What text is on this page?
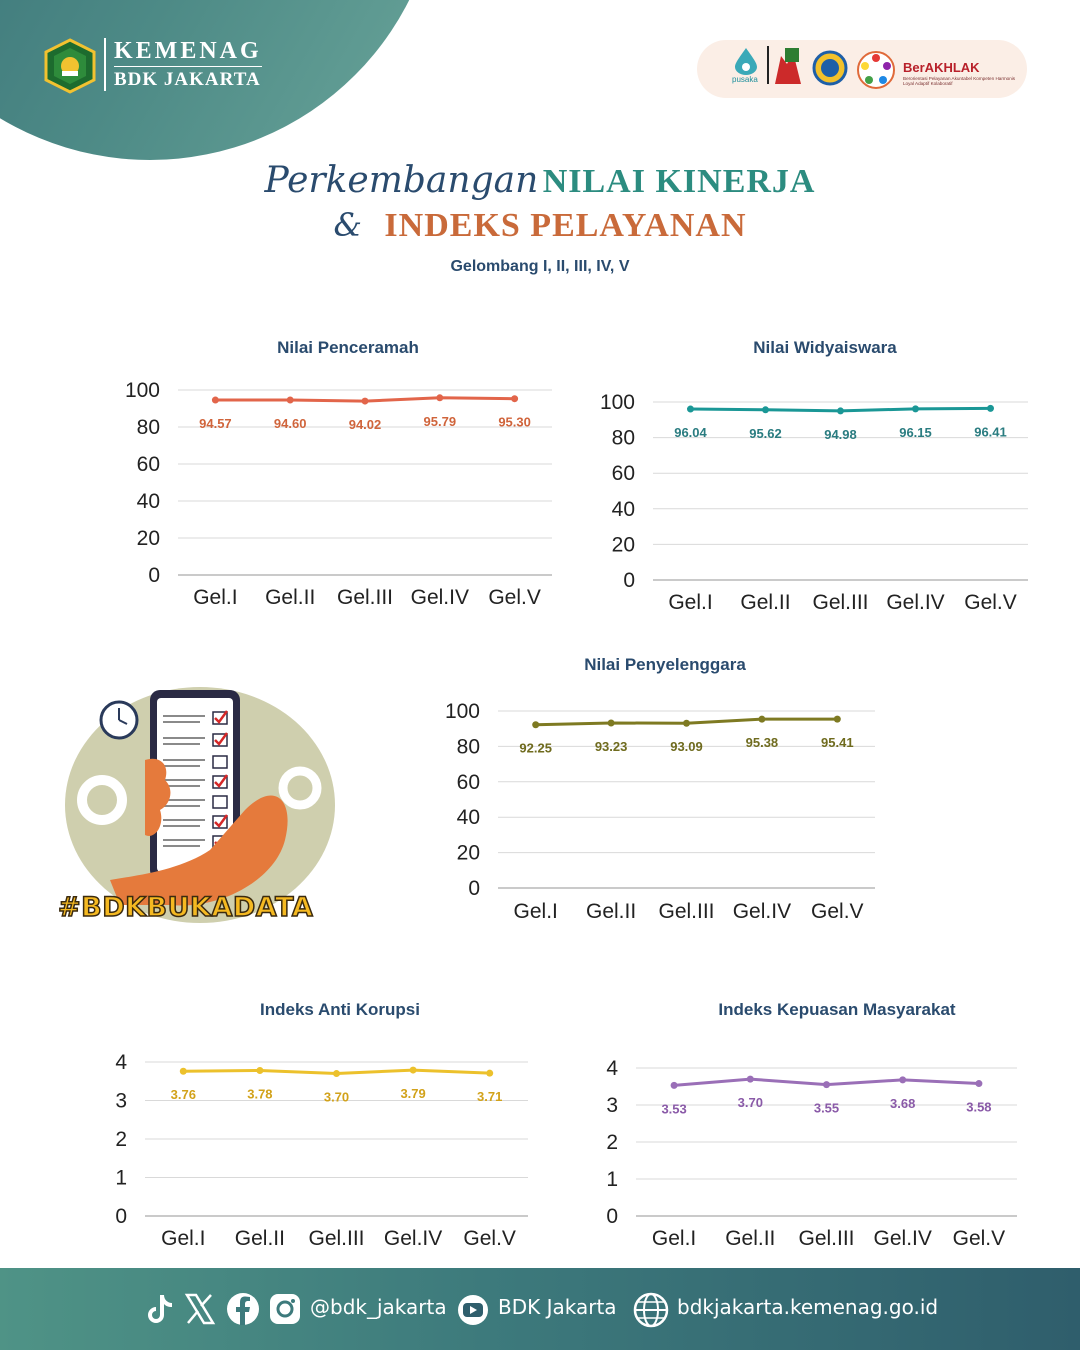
KEMENAG
BDK JAKARTA	pusaka
BerAKHLAK
Berorientasi Pelayanan Akuntabel Kompeten Harmonis Loyal Adaptif Kolaboratif
Perkembangan NILAI KINERJA
& INDEKS PELAYANAN
Gelombang I, II, III, IV, V
Nilai Penceramah
0
20
40
60
80
100
Gel.I Gel.II Gel.III Gel.IV Gel.V
94.57	94.60	94.02	95.79	95.30
Nilai Widyaiswara
0
20
40
60
80
100
Gel.I Gel.II Gel.III Gel.IV Gel.V
96.04	95.62	94.98	96.15	96.41
Nilai Penyelenggara
0
20
40
60
80
100
Gel.I Gel.II Gel.III Gel.IV Gel.V
92.25	93.23	93.09	95.38	95.41
Indeks Anti Korupsi
0
1
2
3
4
Gel.I Gel.II Gel.III Gel.IV Gel.V
3.76	3.78	3.70	3.79	3.71
Indeks Kepuasan Masyarakat
0
1
2
3
4
Gel.I Gel.II Gel.III Gel.IV Gel.V
3.53	3.70	3.55	3.68	3.58
#BDKBUKADATA
@bdk_jakarta	BDK Jakarta	bdkjakarta.kemenag.go.id
